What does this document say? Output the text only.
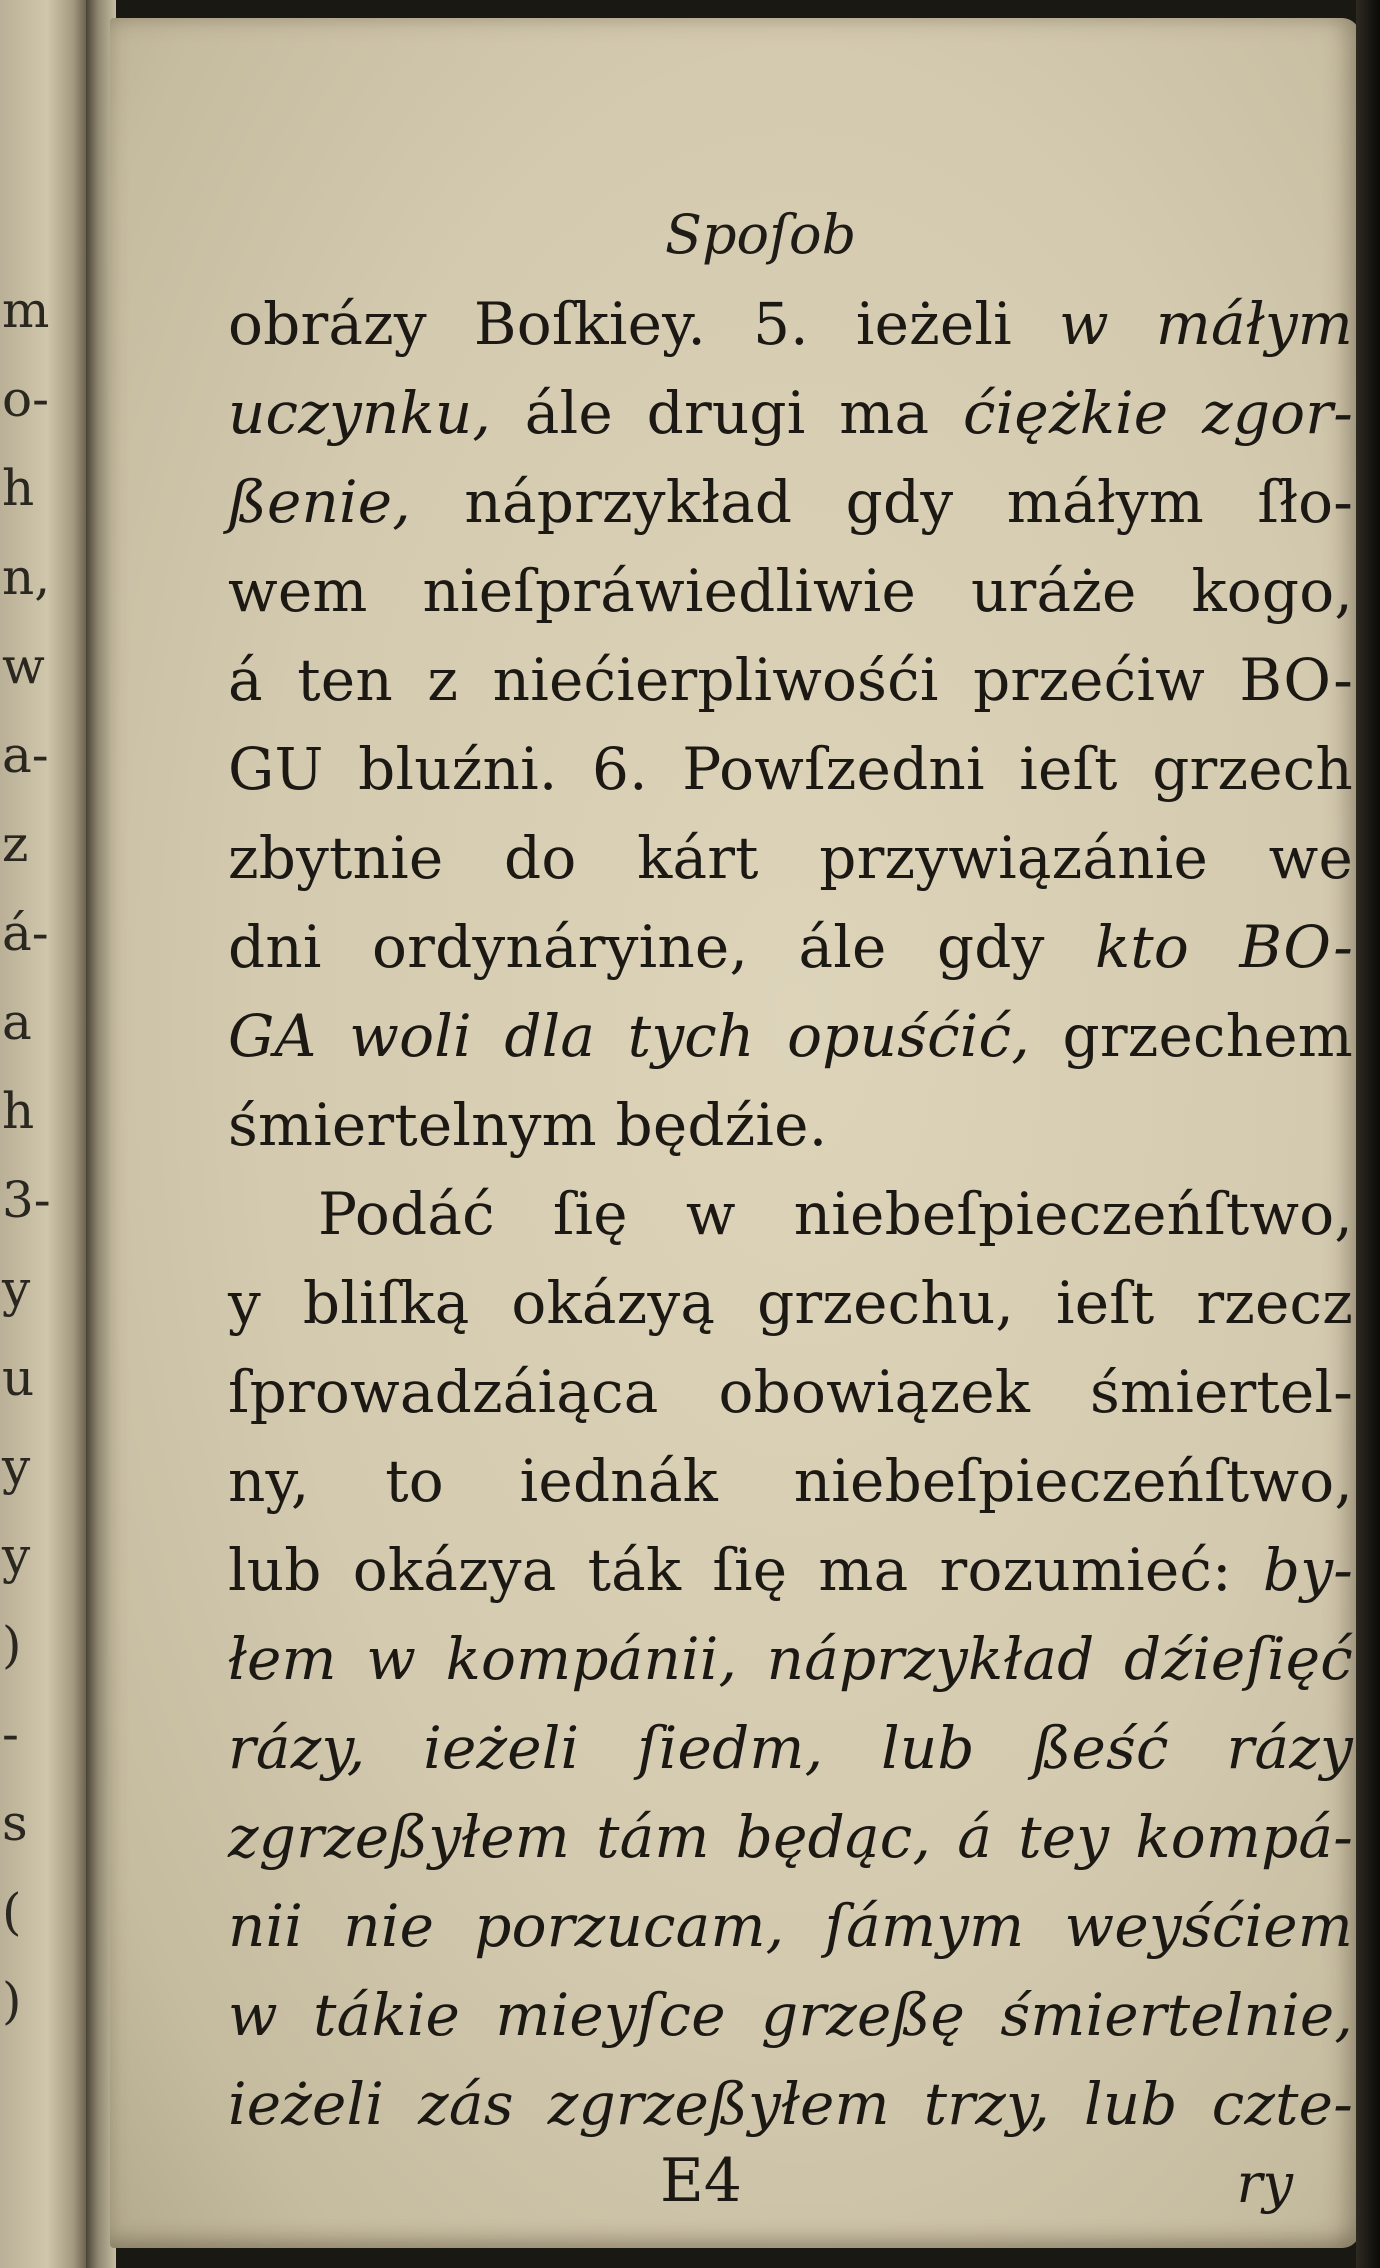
m
o-
h
n,
w
a-
z
á-
a
h
3-
y
u
y
y
)
-
s
(
)
Spoſob
obrázy Boſkiey. 5. ieżeli w máłym
uczynku, ále drugi ma ćiężkie zgor-
ßenie, náprzykład gdy máłym ſło-
wem nieſpráwiedliwie uráże kogo,
á ten z niećierpliwośći przećiw BO-
GU bluźni. 6. Powſzedni ieſt grzech
zbytnie do kárt przywiązánie we
dni ordynáryine, ále gdy kto BO-
GA woli dla tych opuśćić, grzechem
śmiertelnym będźie.
Podáć ſię w niebeſpieczeńſtwo,
y bliſką okázyą grzechu, ieſt rzecz
ſprowadzáiąca obowiązek śmiertel-
ny, to iednák niebeſpieczeńſtwo,
lub okázya ták ſię ma rozumieć: by-
łem w kompánii, náprzykład dźieſięć
rázy, ieżeli ſiedm, lub ßeść rázy
zgrzeßyłem tám będąc, á tey kompá-
nii nie porzucam, ſámym weyśćiem
w tákie mieyſce grzeßę śmiertelnie,
ieżeli zás zgrzeßyłem trzy, lub czte-
E4	ry
